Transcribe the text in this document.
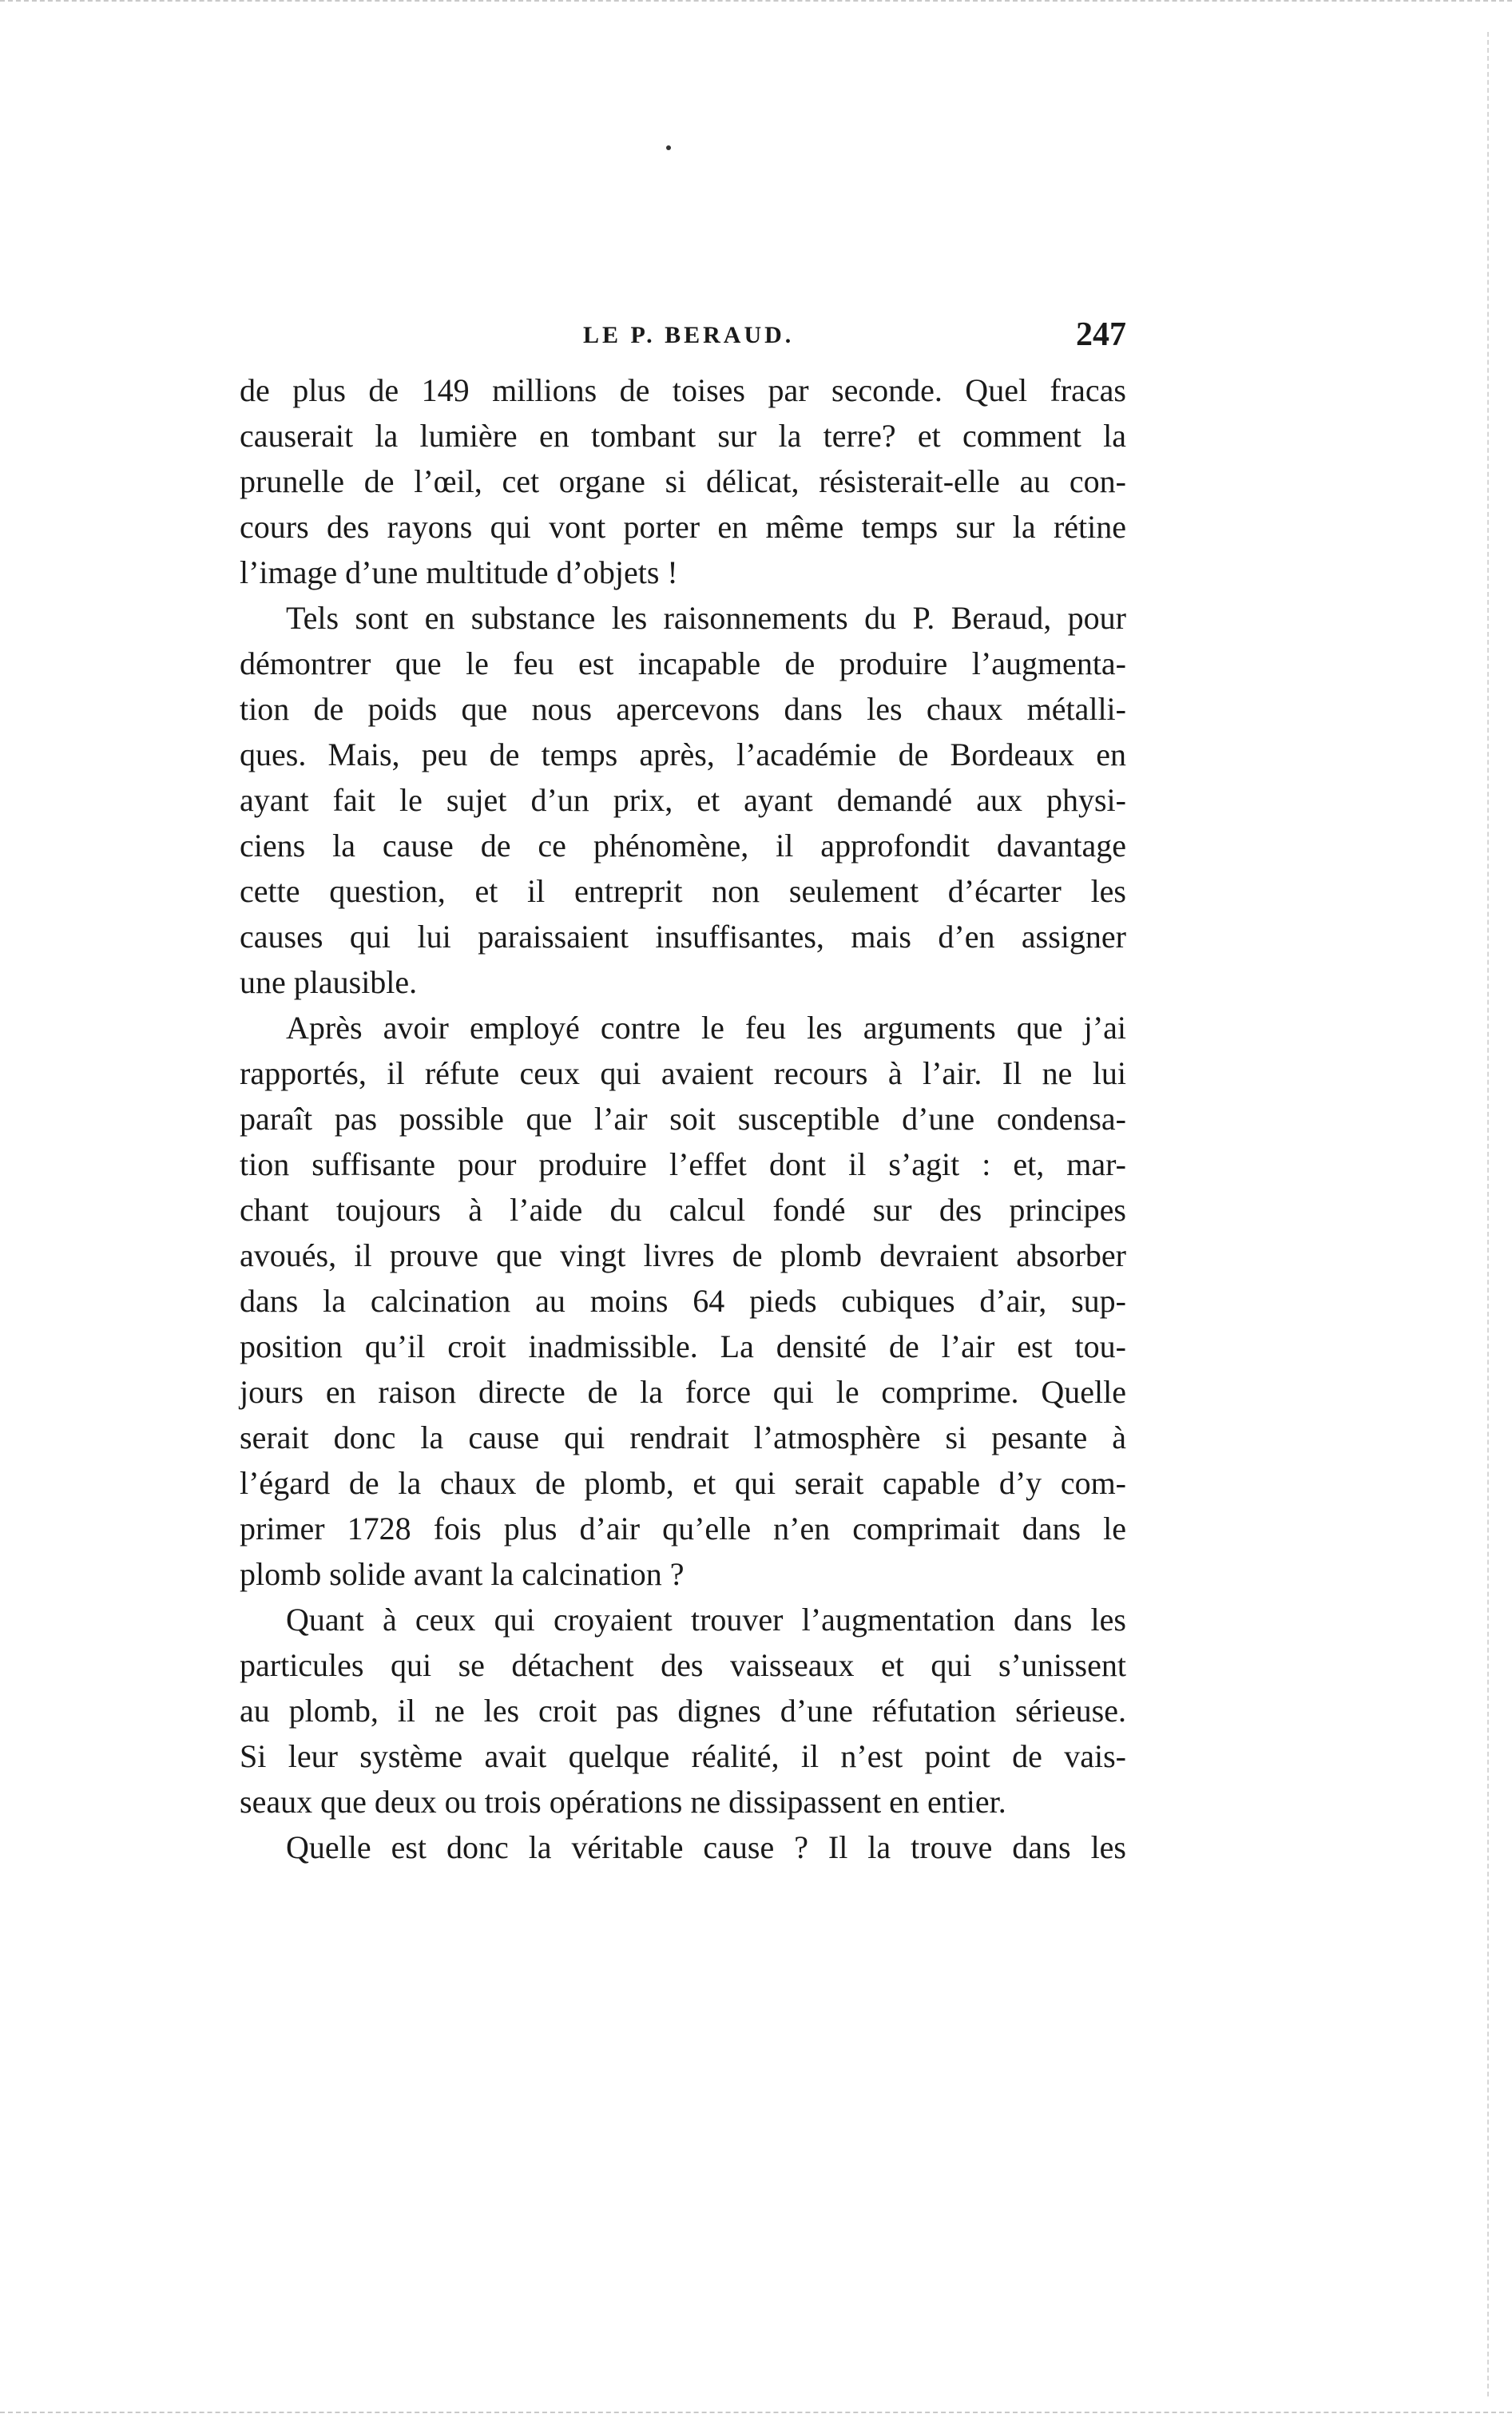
LE P. BERAUD.	247
de plus de 149 millions de toises par seconde. Quel fracas
causerait la lumière en tombant sur la terre? et comment la
prunelle de l’œil, cet organe si délicat, résisterait-elle au con-
cours des rayons qui vont porter en même temps sur la rétine
l’image d’une multitude d’objets !
Tels sont en substance les raisonnements du P. Beraud, pour
démontrer que le feu est incapable de produire l’augmenta-
tion de poids que nous apercevons dans les chaux métalli-
ques. Mais, peu de temps après, l’académie de Bordeaux en
ayant fait le sujet d’un prix, et ayant demandé aux physi-
ciens la cause de ce phénomène, il approfondit davantage
cette question, et il entreprit non seulement d’écarter les
causes qui lui paraissaient insuffisantes, mais d’en assigner
une plausible.
Après avoir employé contre le feu les arguments que j’ai
rapportés, il réfute ceux qui avaient recours à l’air. Il ne lui
paraît pas possible que l’air soit susceptible d’une condensa-
tion suffisante pour produire l’effet dont il s’agit : et, mar-
chant toujours à l’aide du calcul fondé sur des principes
avoués, il prouve que vingt livres de plomb devraient absorber
dans la calcination au moins 64 pieds cubiques d’air, sup-
position qu’il croit inadmissible. La densité de l’air est tou-
jours en raison directe de la force qui le comprime. Quelle
serait donc la cause qui rendrait l’atmosphère si pesante à
l’égard de la chaux de plomb, et qui serait capable d’y com-
primer 1728 fois plus d’air qu’elle n’en comprimait dans le
plomb solide avant la calcination ?
Quant à ceux qui croyaient trouver l’augmentation dans les
particules qui se détachent des vaisseaux et qui s’unissent
au plomb, il ne les croit pas dignes d’une réfutation sérieuse.
Si leur système avait quelque réalité, il n’est point de vais-
seaux que deux ou trois opérations ne dissipassent en entier.
Quelle est donc la véritable cause ? Il la trouve dans les
